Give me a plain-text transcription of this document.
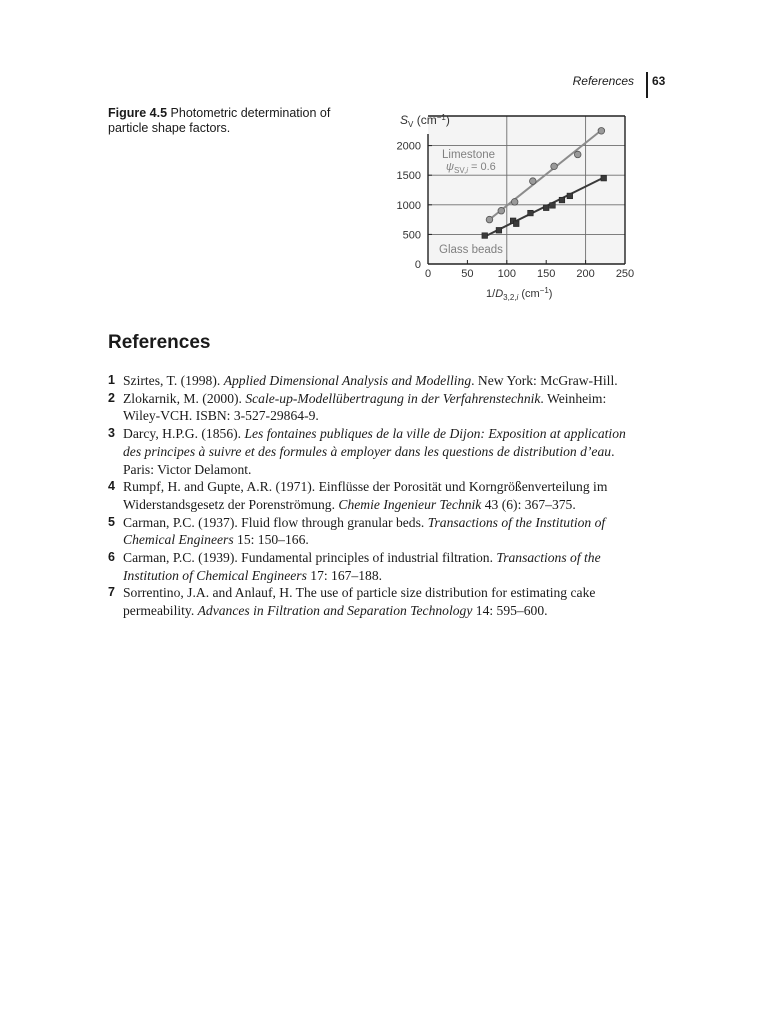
References 63
Figure 4.5 Photometric determination of particle shape factors.
0	50 100 150 200 250
0
500
1000
1500
2000
$S_V$ $(cm^{-1})$
$1/D_{3,2,i}$ $(cm^{-1})$
Limestone
$\psi_{SV,}i = 0.6$
Glass beads
References
1 Szirtes, T. (1998). Applied Dimensional Analysis and Modelling. New York: McGraw-Hill.
2 Zlokarnik, M. (2000). Scale-up-Modellübertragung in der Verfahrenstechnik. Weinheim: Wiley-VCH. ISBN: 3-527-29864-9.
3 Darcy, H.P.G. (1856). Les fontaines publiques de la ville de Dijon: Exposition at application des principes à suivre et des formules à employer dans les questions de distribution d’eau. Paris: Victor Delamont.
4 Rumpf, H. and Gupte, A.R. (1971). Einflüsse der Porosität und Korngrößenverteilung im Widerstandsgesetz der Porenströmung. Chemie Ingenieur Technik 43 (6): 367–375.
5 Carman, P.C. (1937). Fluid flow through granular beds. Transactions of the Institution of Chemical Engineers 15: 150–166.
6 Carman, P.C. (1939). Fundamental principles of industrial filtration. Transactions of the Institution of Chemical Engineers 17: 167–188.
7 Sorrentino, J.A. and Anlauf, H. The use of particle size distribution for estimating cake permeability. Advances in Filtration and Separation Technology 14: 595–600.
